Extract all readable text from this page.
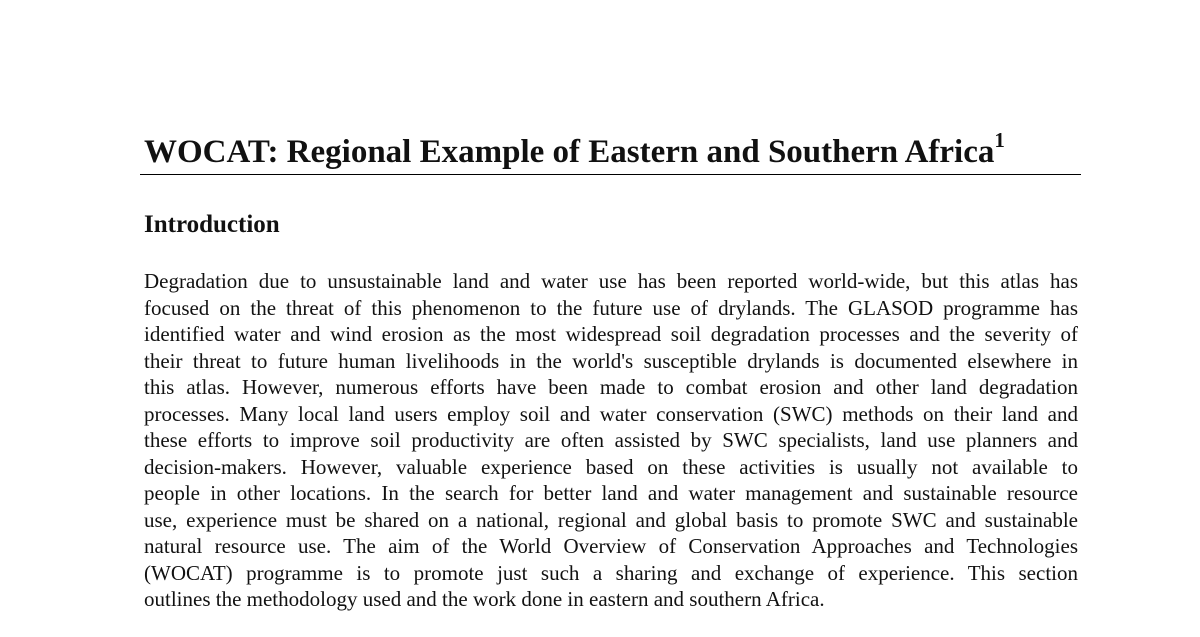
WOCAT: Regional Example of Eastern and Southern Africa$^1$
Introduction
Degradation due to unsustainable land and water use has been reported world-wide, but this atlas has
focused on the threat of this phenomenon to the future use of drylands. The GLASOD programme has
identified water and wind erosion as the most widespread soil degradation processes and the severity of
their threat to future human livelihoods in the world's susceptible drylands is documented elsewhere in
this atlas. However, numerous efforts have been made to combat erosion and other land degradation
processes. Many local land users employ soil and water conservation (SWC) methods on their land and
these efforts to improve soil productivity are often assisted by SWC specialists, land use planners and
decision-makers. However, valuable experience based on these activities is usually not available to
people in other locations. In the search for better land and water management and sustainable resource
use, experience must be shared on a national, regional and global basis to promote SWC and sustainable
natural resource use. The aim of the World Overview of Conservation Approaches and Technologies
(WOCAT) programme is to promote just such a sharing and exchange of experience. This section
outlines the methodology used and the work done in eastern and southern Africa.
